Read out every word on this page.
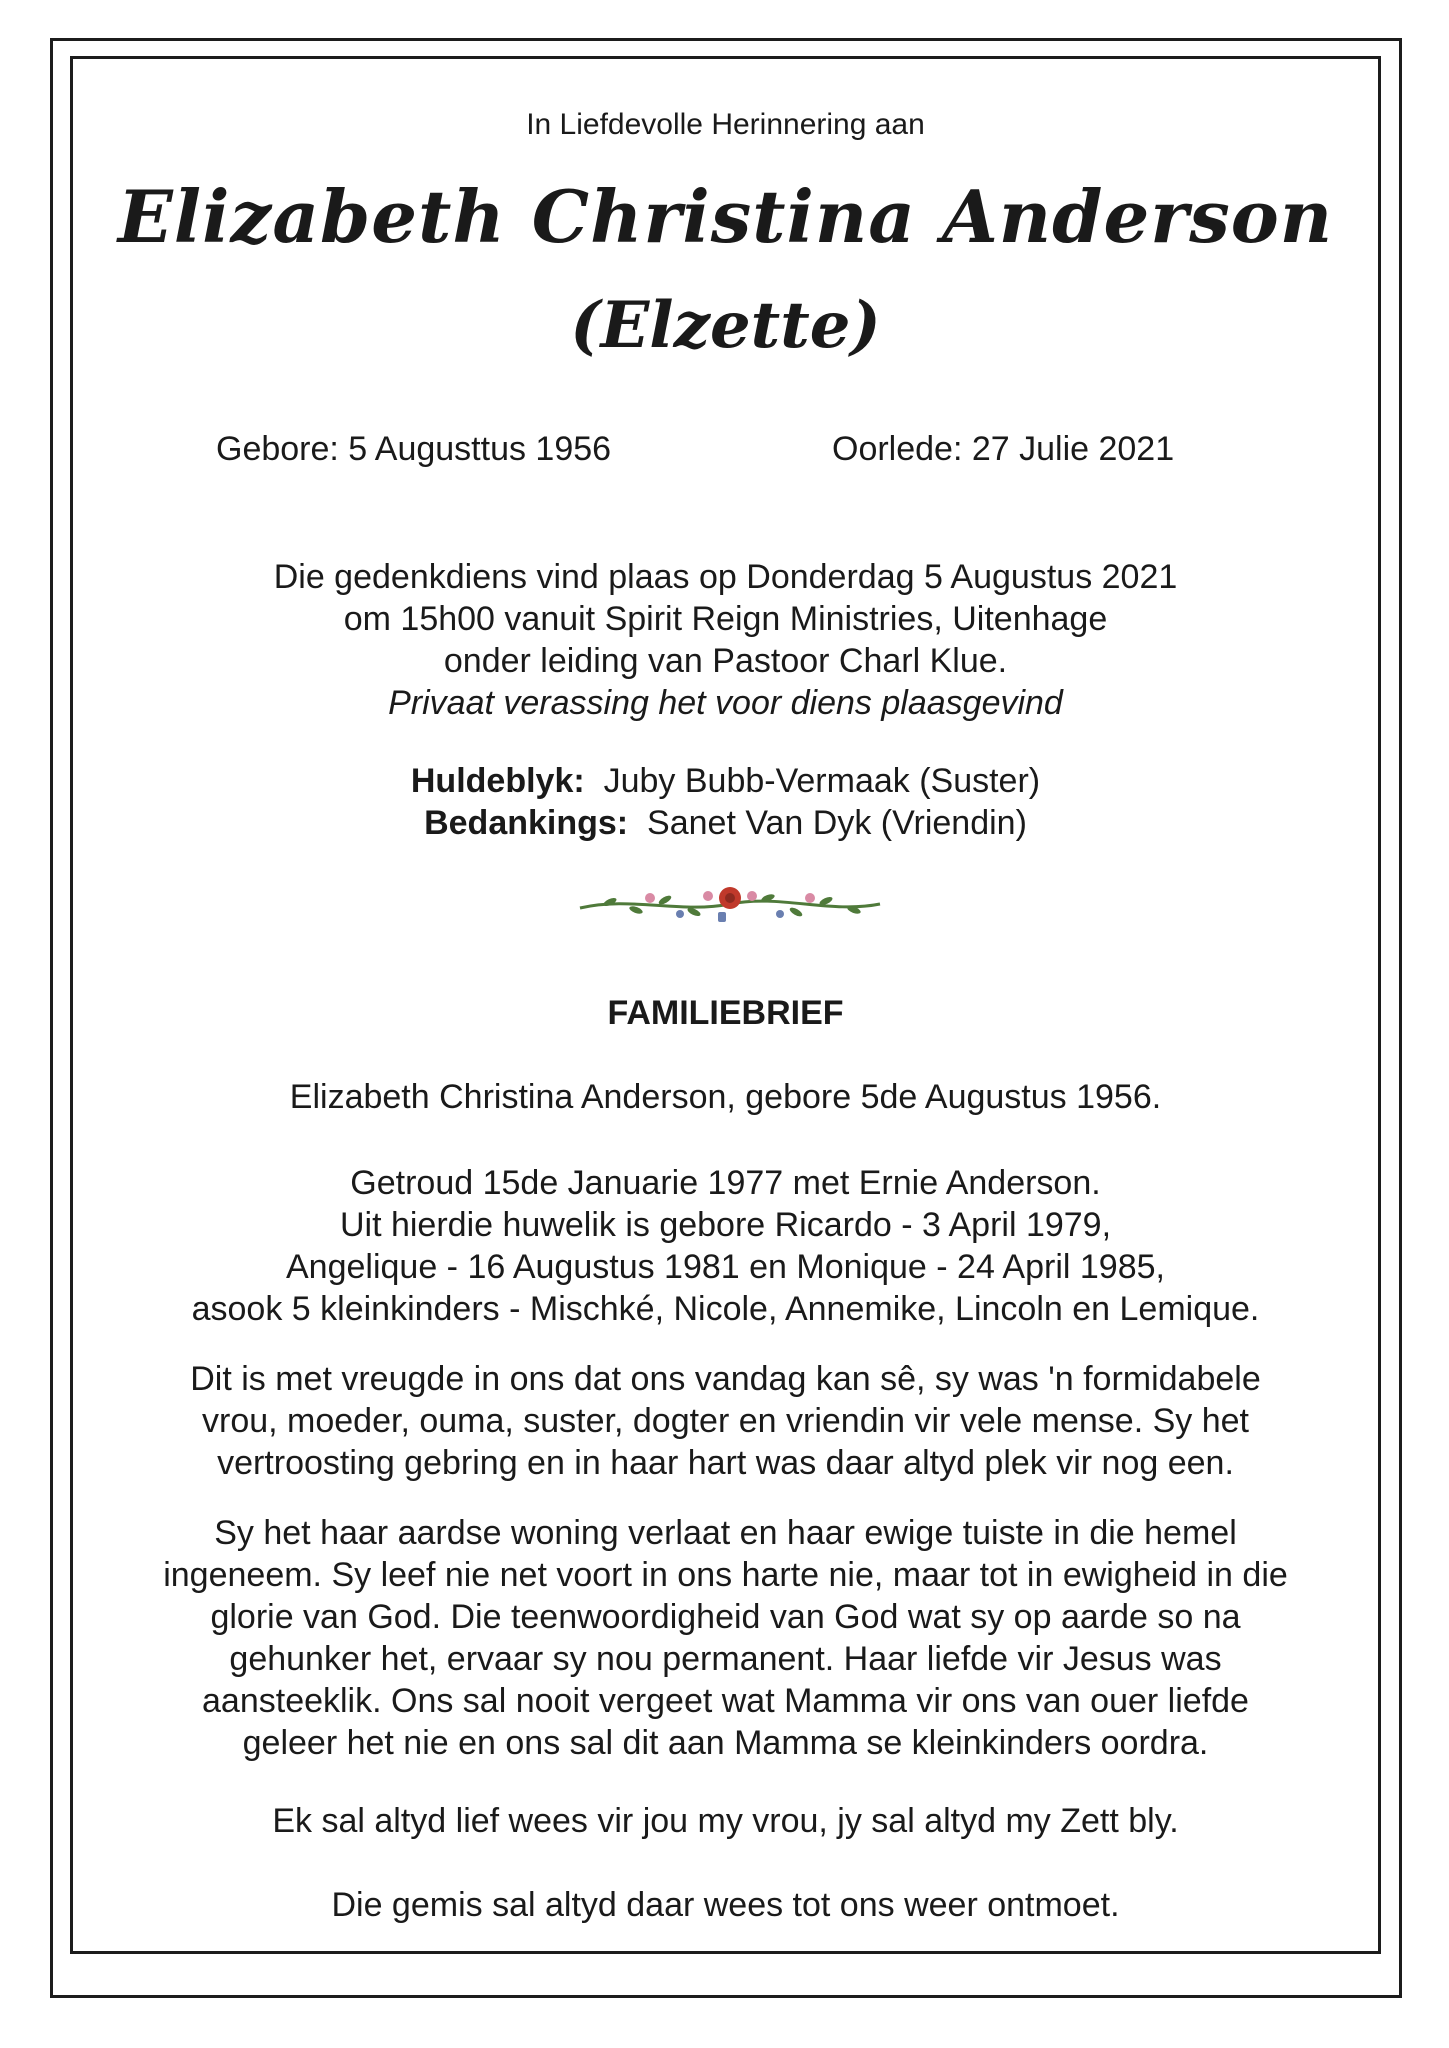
In Liefdevolle Herinnering aan
Elizabeth Christina Anderson
(Elzette)
Gebore: 5 Augusttus 1956	Oorlede: 27 Julie 2021
Die gedenkdiens vind plaas op Donderdag 5 Augustus 2021
om 15h00 vanuit Spirit Reign Ministries, Uitenhage
onder leiding van Pastoor Charl Klue.
Privaat verassing het voor diens plaasgevind
Huldeblyk: Juby Bubb-Vermaak (Suster)
Bedankings: Sanet Van Dyk (Vriendin)
FAMILIEBRIEF
Elizabeth Christina Anderson, gebore 5de Augustus 1956.
Getroud 15de Januarie 1977 met Ernie Anderson.
Uit hierdie huwelik is gebore Ricardo - 3 April 1979,
Angelique - 16 Augustus 1981 en Monique - 24 April 1985,
asook 5 kleinkinders - Mischké, Nicole, Annemike, Lincoln en Lemique.
Dit is met vreugde in ons dat ons vandag kan sê, sy was 'n formidabele
vrou, moeder, ouma, suster, dogter en vriendin vir vele mense. Sy het
vertroosting gebring en in haar hart was daar altyd plek vir nog een.
Sy het haar aardse woning verlaat en haar ewige tuiste in die hemel
ingeneem. Sy leef nie net voort in ons harte nie, maar tot in ewigheid in die
glorie van God. Die teenwoordigheid van God wat sy op aarde so na
gehunker het, ervaar sy nou permanent. Haar liefde vir Jesus was
aansteeklik. Ons sal nooit vergeet wat Mamma vir ons van ouer liefde
geleer het nie en ons sal dit aan Mamma se kleinkinders oordra.
Ek sal altyd lief wees vir jou my vrou, jy sal altyd my Zett bly.
Die gemis sal altyd daar wees tot ons weer ontmoet.
